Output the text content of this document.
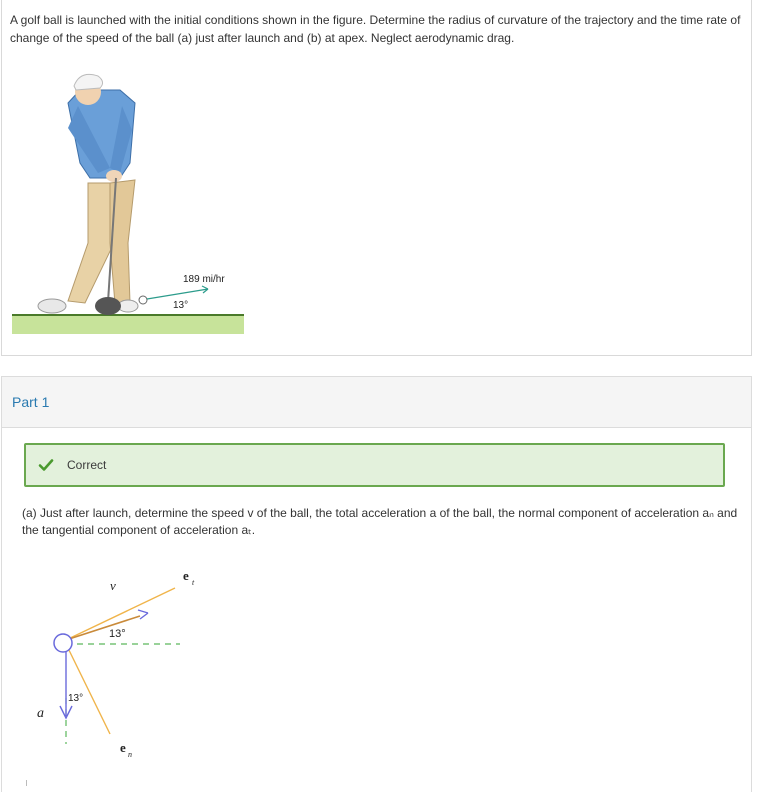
A golf ball is launched with the initial conditions shown in the figure. Determine the radius of curvature of the trajectory and the time rate of change of the speed of the ball (a) just after launch and (b) at apex. Neglect aerodynamic drag.
189 mi/hr
13°
Part 1
Correct
(a) Just after launch, determine the speed v of the ball, the total acceleration a of the ball, the normal component of acceleration aₙ and the tangential component of acceleration aₜ.
v
e t
13°
13°
a
e n
